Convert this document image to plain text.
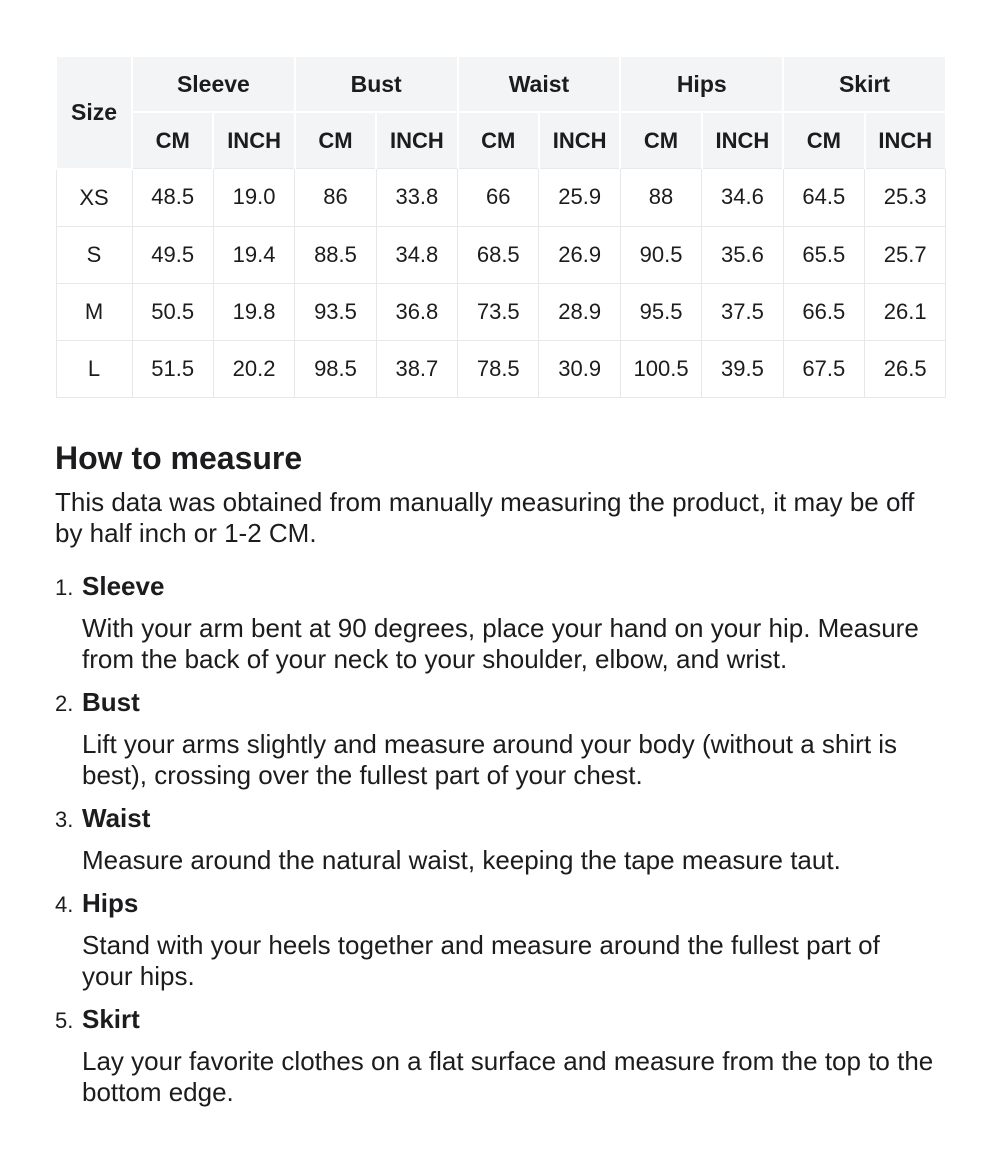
Size	Sleeve		Bust		Waist		Hips		Skirt	
	CM	INCH	CM	INCH	CM	INCH	CM	INCH	CM	INCH
XS	48.5	19.0	86	33.8	66	25.9	88	34.6	64.5	25.3
S	49.5	19.4	88.5	34.8	68.5	26.9	90.5	35.6	65.5	25.7
M	50.5	19.8	93.5	36.8	73.5	28.9	95.5	37.5	66.5	26.1
L	51.5	20.2	98.5	38.7	78.5	30.9	100.5	39.5	67.5	26.5
How to measure

This data was obtained from manually measuring the product, it may be off by half inch or 1-2 CM.

1. Sleeve

With your arm bent at 90 degrees, place your hand on your hip. Measure from the back of your neck to your shoulder, elbow, and wrist.

2. Bust

Lift your arms slightly and measure around your body (without a shirt is best), crossing over the fullest part of your chest.

3. Waist

Measure around the natural waist, keeping the tape measure taut.

4. Hips

Stand with your heels together and measure around the fullest part of your hips.

5. Skirt

Lay your favorite clothes on a flat surface and measure from the top to the bottom edge.
